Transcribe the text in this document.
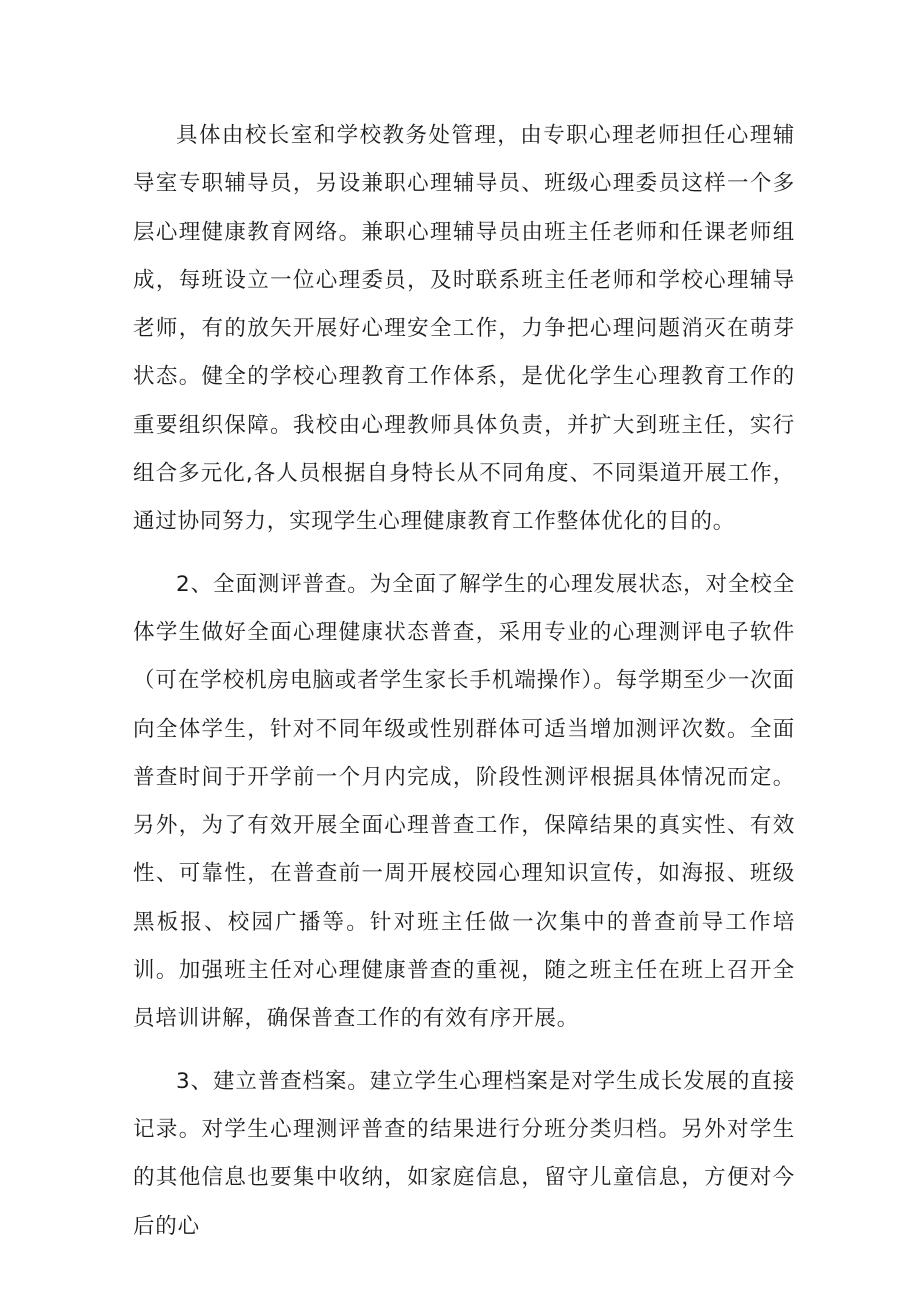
具体由校长室和学校教务处管理，由专职心理老师担任心理辅导室专职辅导员，另设兼职心理辅导员、班级心理委员这样一个多层心理健康教育网络。兼职心理辅导员由班主任老师和任课老师组成，每班设立一位心理委员，及时联系班主任老师和学校心理辅导老师，有的放矢开展好心理安全工作，力争把心理问题消灭在萌芽状态。健全的学校心理教育工作体系，是优化学生心理教育工作的重要组织保障。我校由心理教师具体负责，并扩大到班主任，实行组合多元化,各人员根据自身特长从不同角度、不同渠道开展工作，通过协同努力，实现学生心理健康教育工作整体优化的目的。

2、全面测评普查。为全面了解学生的心理发展状态，对全校全体学生做好全面心理健康状态普查，采用专业的心理测评电子软件（可在学校机房电脑或者学生家长手机端操作）。每学期至少一次面向全体学生，针对不同年级或性别群体可适当增加测评次数。全面普查时间于开学前一个月内完成，阶段性测评根据具体情况而定。另外，为了有效开展全面心理普查工作，保障结果的真实性、有效性、可靠性，在普查前一周开展校园心理知识宣传，如海报、班级黑板报、校园广播等。针对班主任做一次集中的普查前导工作培训。加强班主任对心理健康普查的重视，随之班主任在班上召开全员培训讲解，确保普查工作的有效有序开展。

3、建立普查档案。建立学生心理档案是对学生成长发展的直接记录。对学生心理测评普查的结果进行分班分类归档。另外对学生的其他信息也要集中收纳，如家庭信息，留守儿童信息，方便对今后的心
